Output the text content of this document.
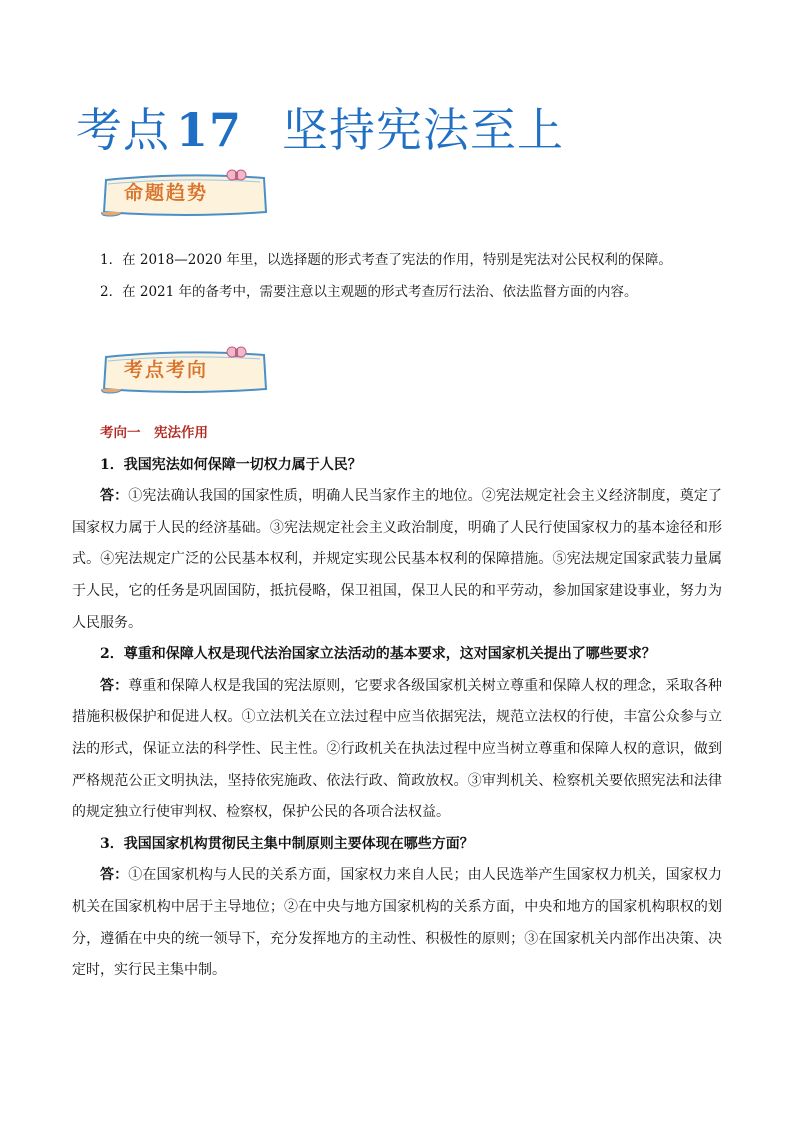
考点 17 坚持宪法至上
命题趋势
1．在 2018—2020 年里，以选择题的形式考查了宪法的作用，特别是宪法对公民权利的保障。
2．在 2021 年的备考中，需要注意以主观题的形式考查厉行法治、依法监督方面的内容。
考点考向
考向一　宪法作用
1．我国宪法如何保障一切权力属于人民？
答：①宪法确认我国的国家性质，明确人民当家作主的地位。②宪法规定社会主义经济制度，奠定了国家权力属于人民的经济基础。③宪法规定社会主义政治制度，明确了人民行使国家权力的基本途径和形式。④宪法规定广泛的公民基本权利，并规定实现公民基本权利的保障措施。⑤宪法规定国家武装力量属于人民，它的任务是巩固国防，抵抗侵略，保卫祖国，保卫人民的和平劳动，参加国家建设事业，努力为人民服务。
2．尊重和保障人权是现代法治国家立法活动的基本要求，这对国家机关提出了哪些要求？
答：尊重和保障人权是我国的宪法原则，它要求各级国家机关树立尊重和保障人权的理念，采取各种措施积极保护和促进人权。①立法机关在立法过程中应当依据宪法，规范立法权的行使，丰富公众参与立法的形式，保证立法的科学性、民主性。②行政机关在执法过程中应当树立尊重和保障人权的意识，做到严格规范公正文明执法，坚持依宪施政、依法行政、简政放权。③审判机关、检察机关要依照宪法和法律的规定独立行使审判权、检察权，保护公民的各项合法权益。
3．我国国家机构贯彻民主集中制原则主要体现在哪些方面？
答：①在国家机构与人民的关系方面，国家权力来自人民；由人民选举产生国家权力机关，国家权力机关在国家机构中居于主导地位；②在中央与地方国家机构的关系方面，中央和地方的国家机构职权的划分，遵循在中央的统一领导下，充分发挥地方的主动性、积极性的原则；③在国家机关内部作出决策、决定时，实行民主集中制。
